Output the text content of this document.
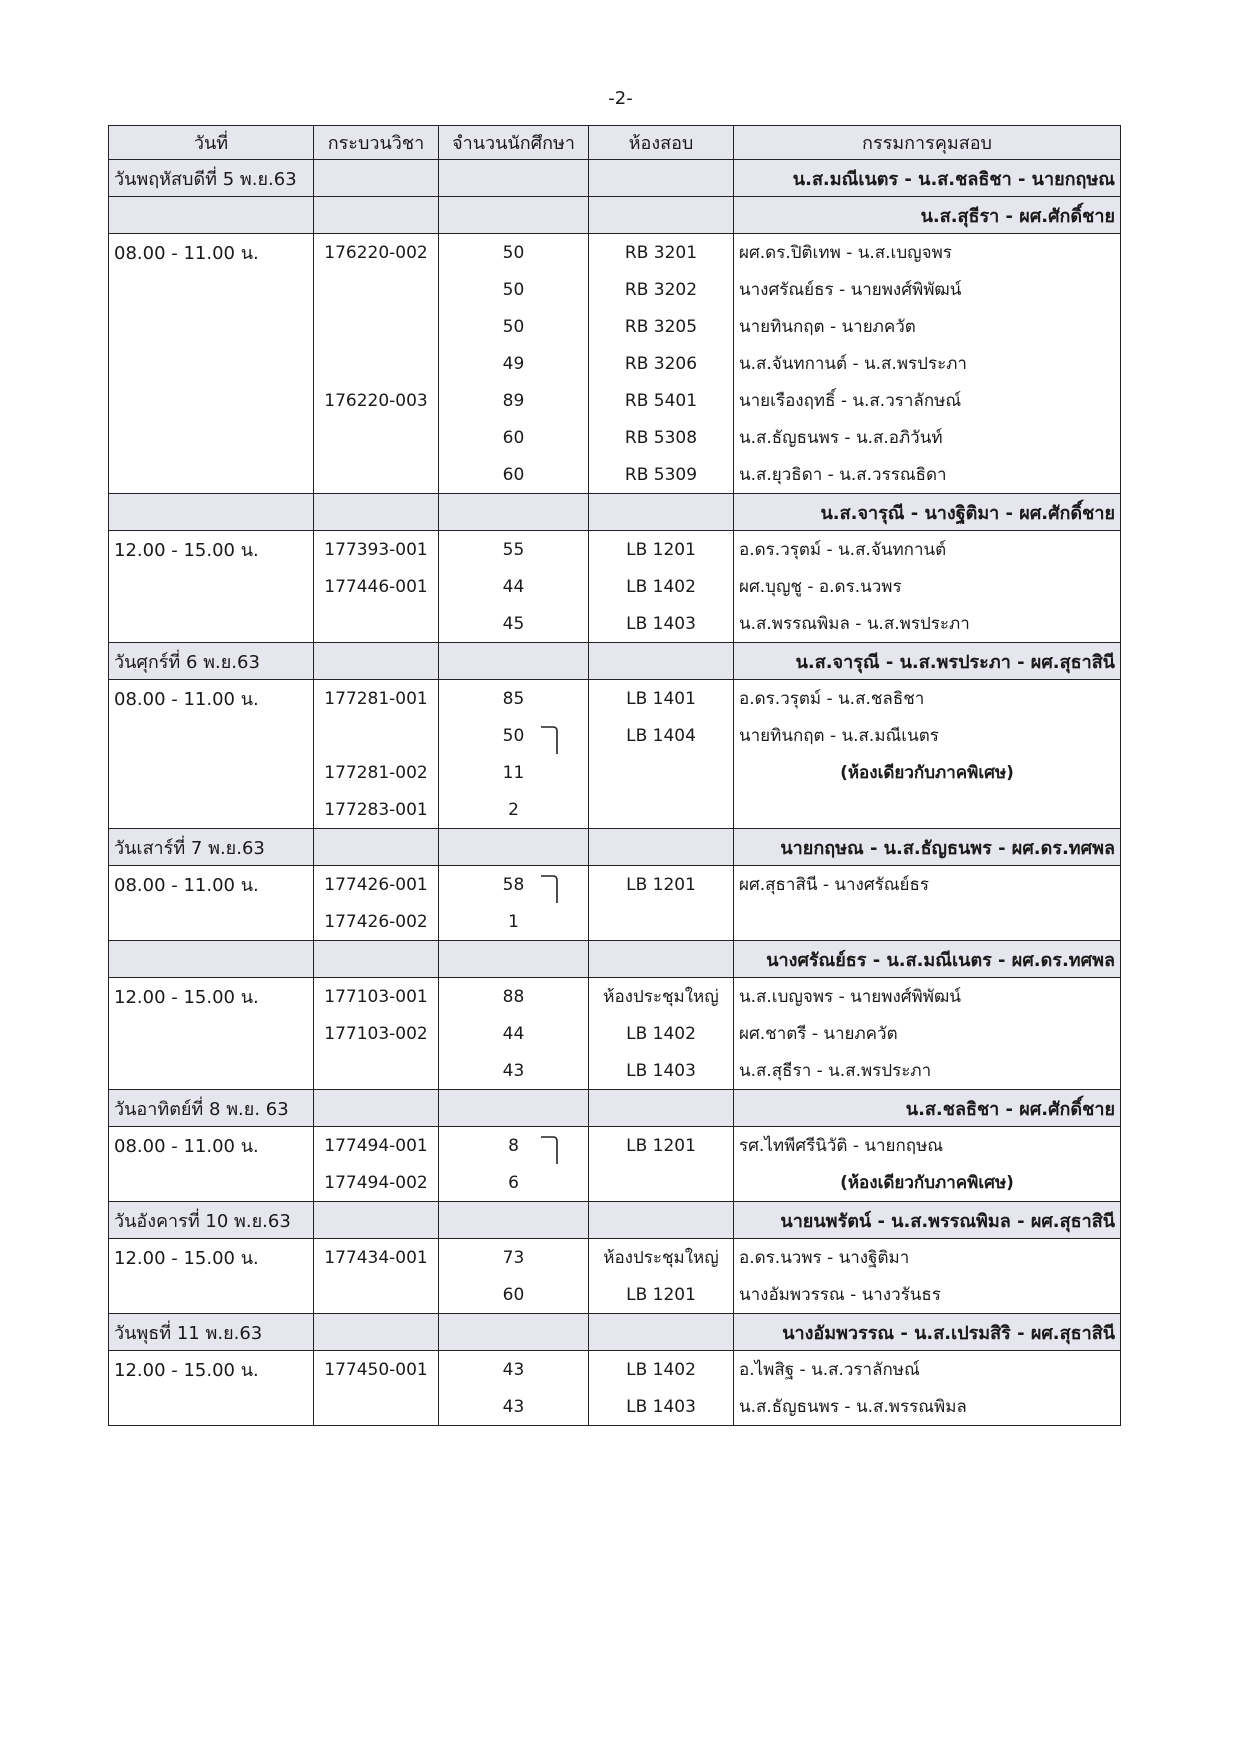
-2-
วันที่	กระบวนวิชา	จำนวนนักศึกษา	ห้องสอบ	กรรมการคุมสอบ
วันพฤหัสบดีที่ 5 พ.ย.63				น.ส.มณีเนตร - น.ส.ชลธิชา - นายกฤษณ
				น.ส.สุธีรา - ผศ.ศักดิ์ชาย
08.00 - 11.00 น.	176220-002	50	RB 3201	ผศ.ดร.ปิติเทพ - น.ส.เบญจพร
		50	RB 3202	นางศรัณย์ธร - นายพงศ์พิพัฒน์
		50	RB 3205	นายทินกฤต - นายภควัต
		49	RB 3206	น.ส.จันทกานต์ - น.ส.พรประภา
	176220-003	89	RB 5401	นายเรืองฤทธิ์ - น.ส.วราลักษณ์
		60	RB 5308	น.ส.ธัญธนพร - น.ส.อภิวันท์
		60	RB 5309	น.ส.ยุวธิดา - น.ส.วรรณธิดา
				น.ส.จารุณี - นางฐิติมา - ผศ.ศักดิ์ชาย
12.00 - 15.00 น.	177393-001	55	LB 1201	อ.ดร.วรุตม์ - น.ส.จันทกานต์
	177446-001	44	LB 1402	ผศ.บุญชู - อ.ดร.นวพร
		45	LB 1403	น.ส.พรรณพิมล - น.ส.พรประภา
วันศุกร์ที่ 6 พ.ย.63				น.ส.จารุณี - น.ส.พรประภา - ผศ.สุธาสินี
08.00 - 11.00 น.	177281-001	85	LB 1401	อ.ดร.วรุตม์ - น.ส.ชลธิชา
		50	LB 1404	นายทินกฤต - น.ส.มณีเนตร
	177281-002	11		(ห้องเดียวกับภาคพิเศษ)
	177283-001	2		
วันเสาร์ที่ 7 พ.ย.63				นายกฤษณ - น.ส.ธัญธนพร - ผศ.ดร.ทศพล
08.00 - 11.00 น.	177426-001	58	LB 1201	ผศ.สุธาสินี - นางศรัณย์ธร
	177426-002	1		
				นางศรัณย์ธร - น.ส.มณีเนตร - ผศ.ดร.ทศพล
12.00 - 15.00 น.	177103-001	88	ห้องประชุมใหญ่	น.ส.เบญจพร - นายพงศ์พิพัฒน์
	177103-002	44	LB 1402	ผศ.ชาตรี - นายภควัต
		43	LB 1403	น.ส.สุธีรา - น.ส.พรประภา
วันอาทิตย์ที่ 8 พ.ย. 63				น.ส.ชลธิชา - ผศ.ศักดิ์ชาย
08.00 - 11.00 น.	177494-001	8	LB 1201	รศ.ไทพีศรีนิวัติ - นายกฤษณ
	177494-002	6		(ห้องเดียวกับภาคพิเศษ)
วันอังคารที่ 10 พ.ย.63				นายนพรัตน์ - น.ส.พรรณพิมล - ผศ.สุธาสินี
12.00 - 15.00 น.	177434-001	73	ห้องประชุมใหญ่	อ.ดร.นวพร - นางฐิติมา
		60	LB 1201	นางอัมพวรรณ - นางวรันธร
วันพุธที่ 11 พ.ย.63				นางอัมพวรรณ - น.ส.เปรมสิริ - ผศ.สุธาสินี
12.00 - 15.00 น.	177450-001	43	LB 1402	อ.ไพสิฐ - น.ส.วราลักษณ์
		43	LB 1403	น.ส.ธัญธนพร - น.ส.พรรณพิมล
